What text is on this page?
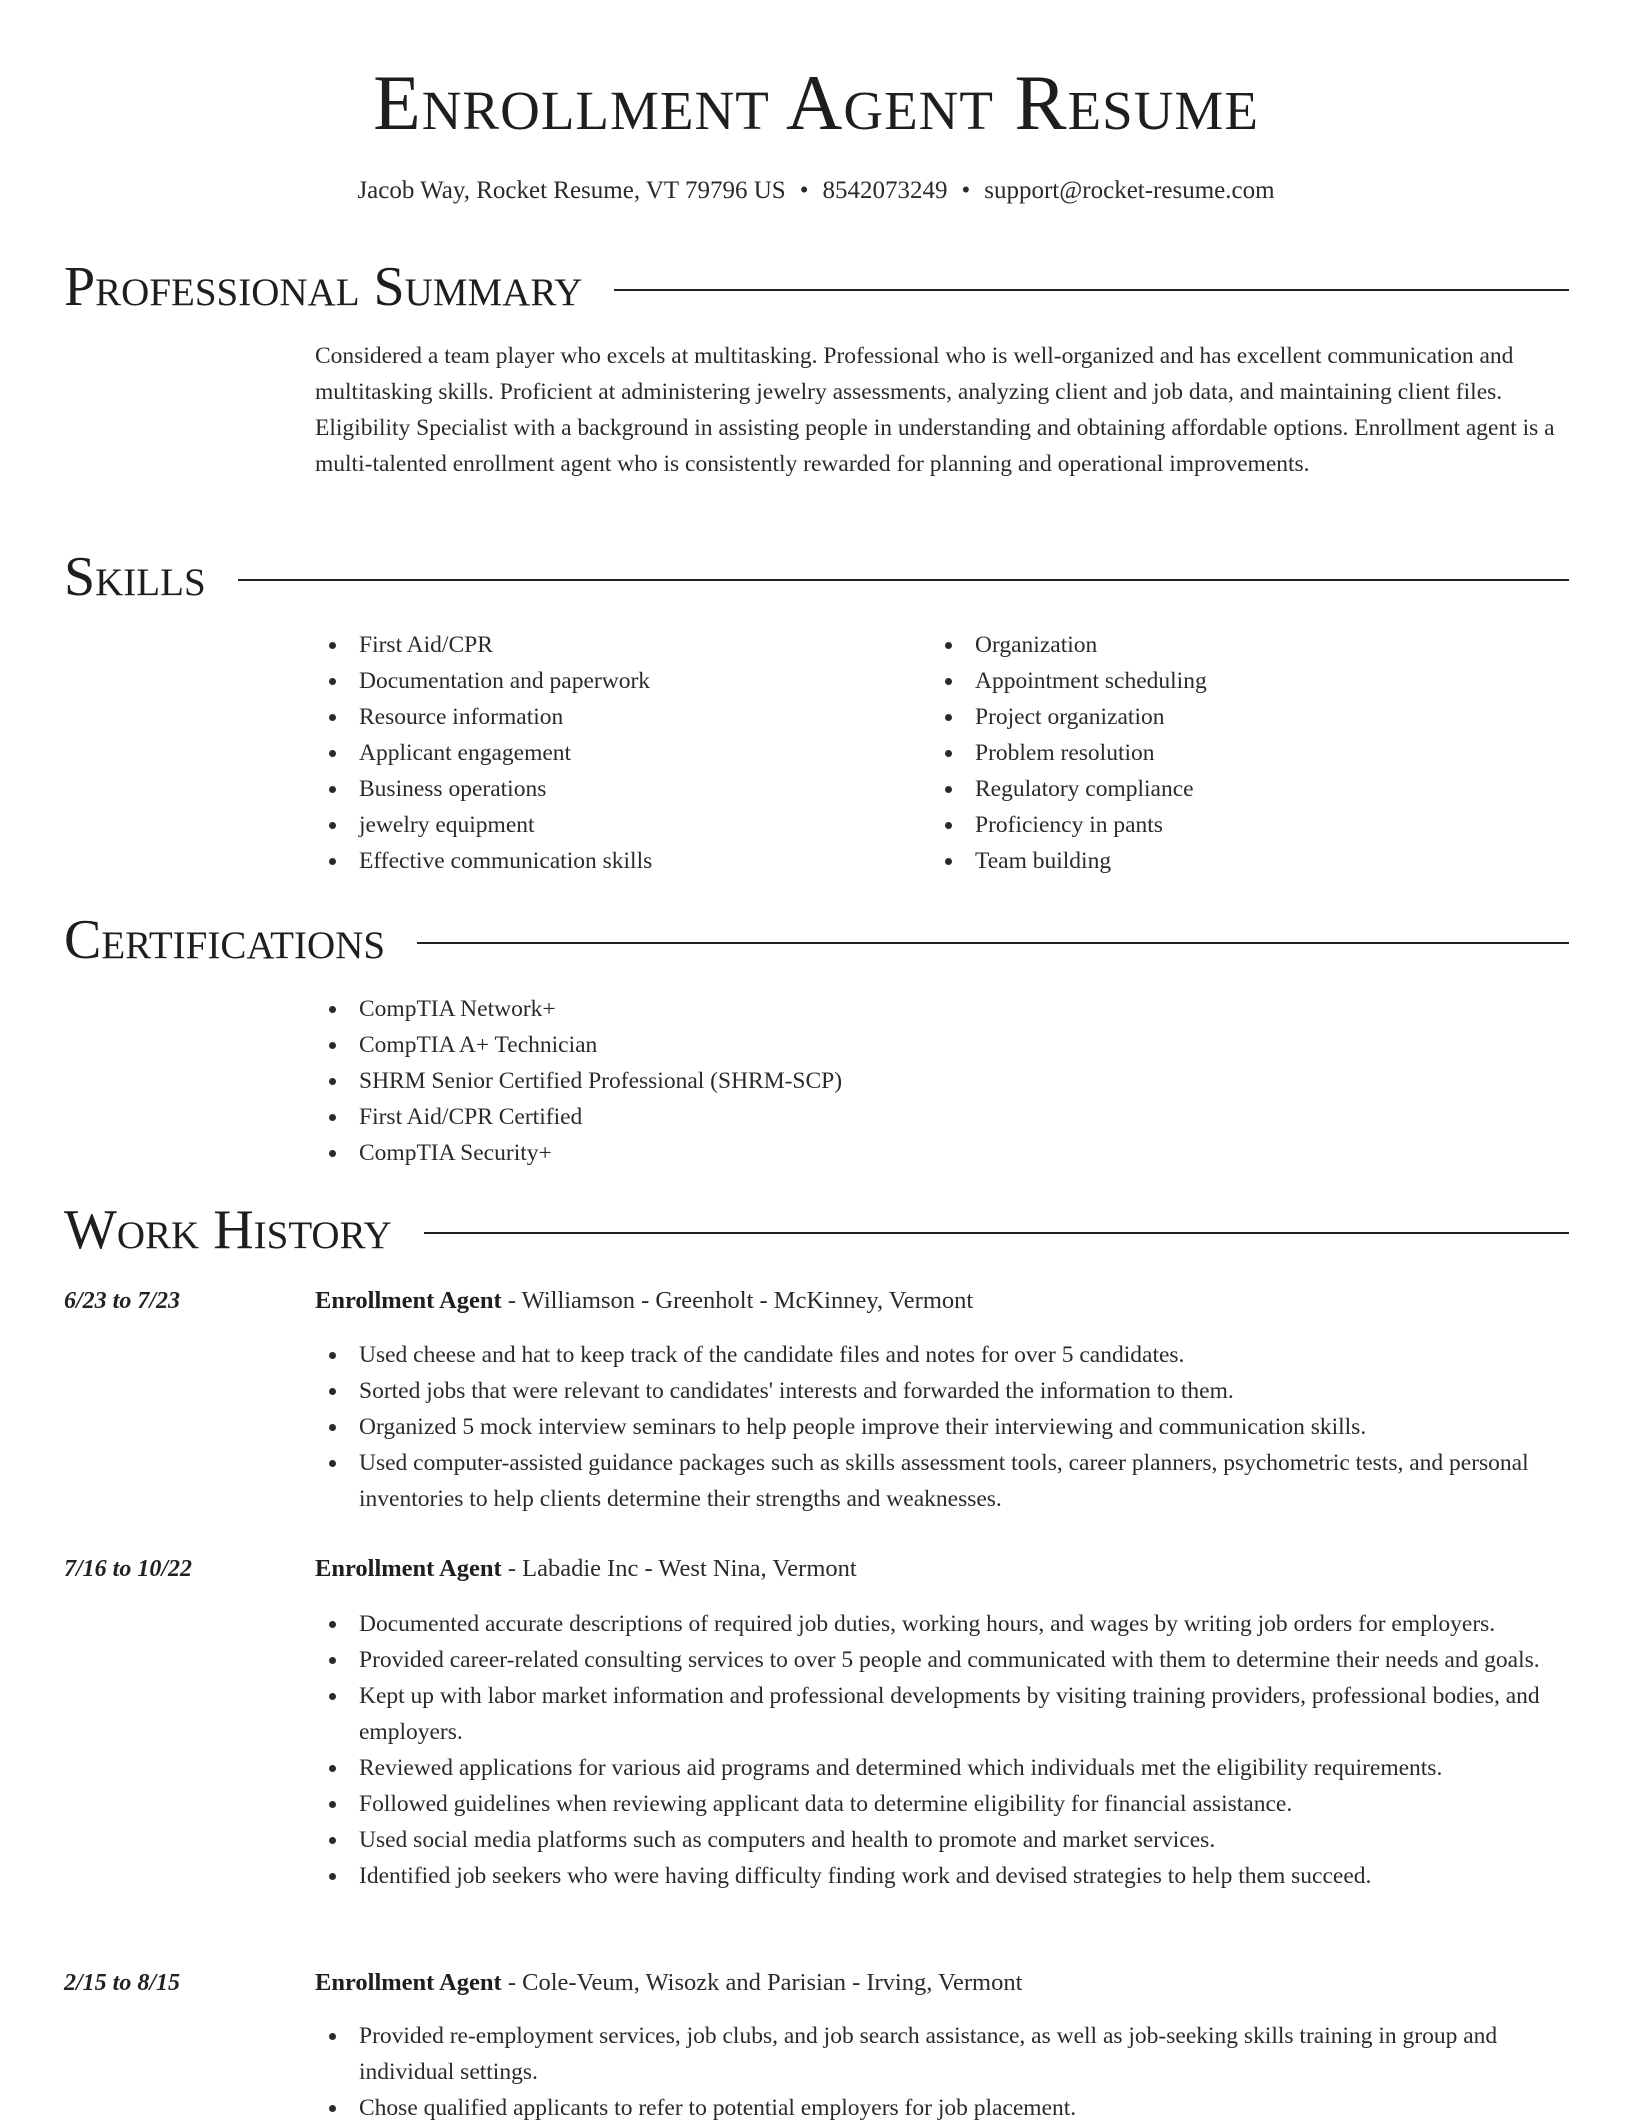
Enrollment Agent Resume
Jacob Way, Rocket Resume, VT 79796 US • 8542073249 • support@rocket-resume.com
Professional Summary

Considered a team player who excels at multitasking. Professional who is well-organized and has excellent communication and multitasking skills. Proficient at administering jewelry assessments, analyzing client and job data, and maintaining client files. Eligibility Specialist with a background in assisting people in understanding and obtaining affordable options. Enrollment agent is a multi-talented enrollment agent who is consistently rewarded for planning and operational improvements.

Skills
First Aid/CPR
Documentation and paperwork
Resource information
Applicant engagement
Business operations
jewelry equipment
Effective communication skills
Organization
Appointment scheduling
Project organization
Problem resolution
Regulatory compliance
Proficiency in pants
Team building
Certifications
CompTIA Network+
CompTIA A+ Technician
SHRM Senior Certified Professional (SHRM-SCP)
First Aid/CPR Certified
CompTIA Security+
Work History
6/23 to 7/23	Enrollment Agent - Williamson - Greenholt - McKinney, Vermont
Used cheese and hat to keep track of the candidate files and notes for over 5 candidates.
Sorted jobs that were relevant to candidates' interests and forwarded the information to them.
Organized 5 mock interview seminars to help people improve their interviewing and communication skills.
Used computer-assisted guidance packages such as skills assessment tools, career planners, psychometric tests, and personal inventories to help clients determine their strengths and weaknesses.
7/16 to 10/22	Enrollment Agent - Labadie Inc - West Nina, Vermont
Documented accurate descriptions of required job duties, working hours, and wages by writing job orders for employers.
Provided career-related consulting services to over 5 people and communicated with them to determine their needs and goals.
Kept up with labor market information and professional developments by visiting training providers, professional bodies, and employers.
Reviewed applications for various aid programs and determined which individuals met the eligibility requirements.
Followed guidelines when reviewing applicant data to determine eligibility for financial assistance.
Used social media platforms such as computers and health to promote and market services.
Identified job seekers who were having difficulty finding work and devised strategies to help them succeed.
2/15 to 8/15	Enrollment Agent - Cole-Veum, Wisozk and Parisian - Irving, Vermont
Provided re-employment services, job clubs, and job search assistance, as well as job-seeking skills training in group and individual settings.
Chose qualified applicants to refer to potential employers for job placement.
